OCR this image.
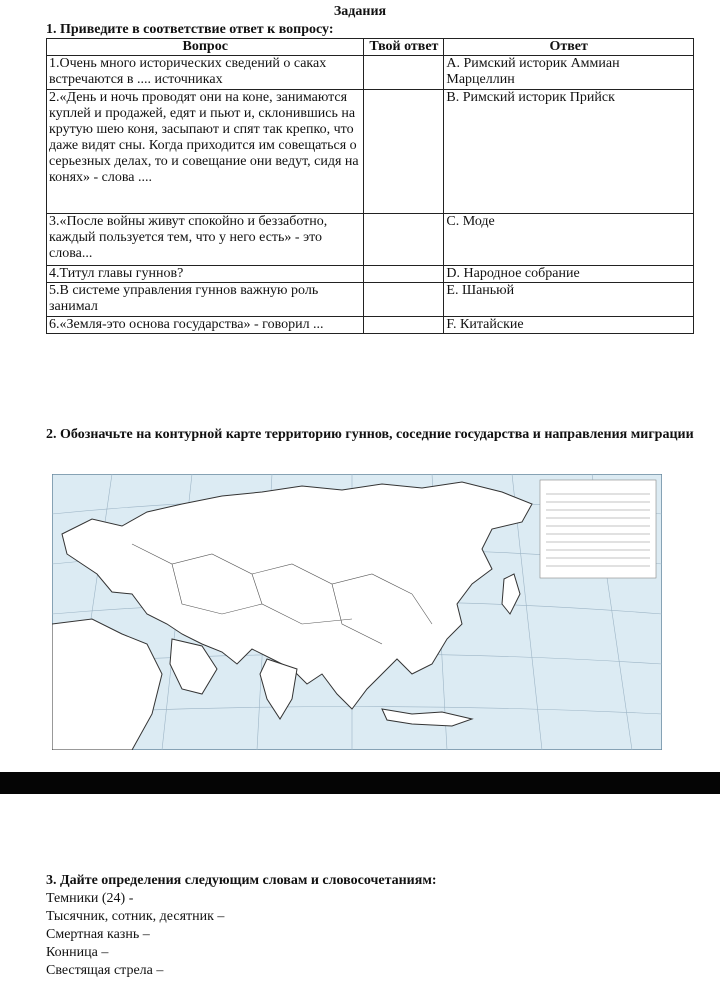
Задания
1. Приведите в соответствие ответ к вопросу:
Вопрос	Твой ответ	Ответ
1.Очень много исторических сведений о саках встречаются в .... источниках		A. Римский историк Аммиан Марцеллин
2.«День и ночь проводят они на коне, занимаются куплей и продажей, едят и пьют и, склонившись на крутую шею коня, засыпают и спят так крепко, что даже видят сны. Когда приходится им совещаться о серьезных делах, то и совещание они ведут, сидя на конях» - слова ....		B. Римский историк Прийск
3.«После войны живут спокойно и беззаботно, каждый пользуется тем, что у него есть» - это слова...		C. Моде
4.Титул главы гуннов?		D. Народное собрание
5.В системе управления гуннов важную роль занимал		E. Шаньюй
6.«Земля-это основа государства» - говорил ...		F. Китайские
2. Обозначьте на контурной карте территорию гуннов, соседние государства и направления миграции
3. Дайте определения следующим словам и словосочетаниям:
Темники (24) -
Тысячник, сотник, десятник –
Смертная казнь –
Конница –
Свестящая стрела –
